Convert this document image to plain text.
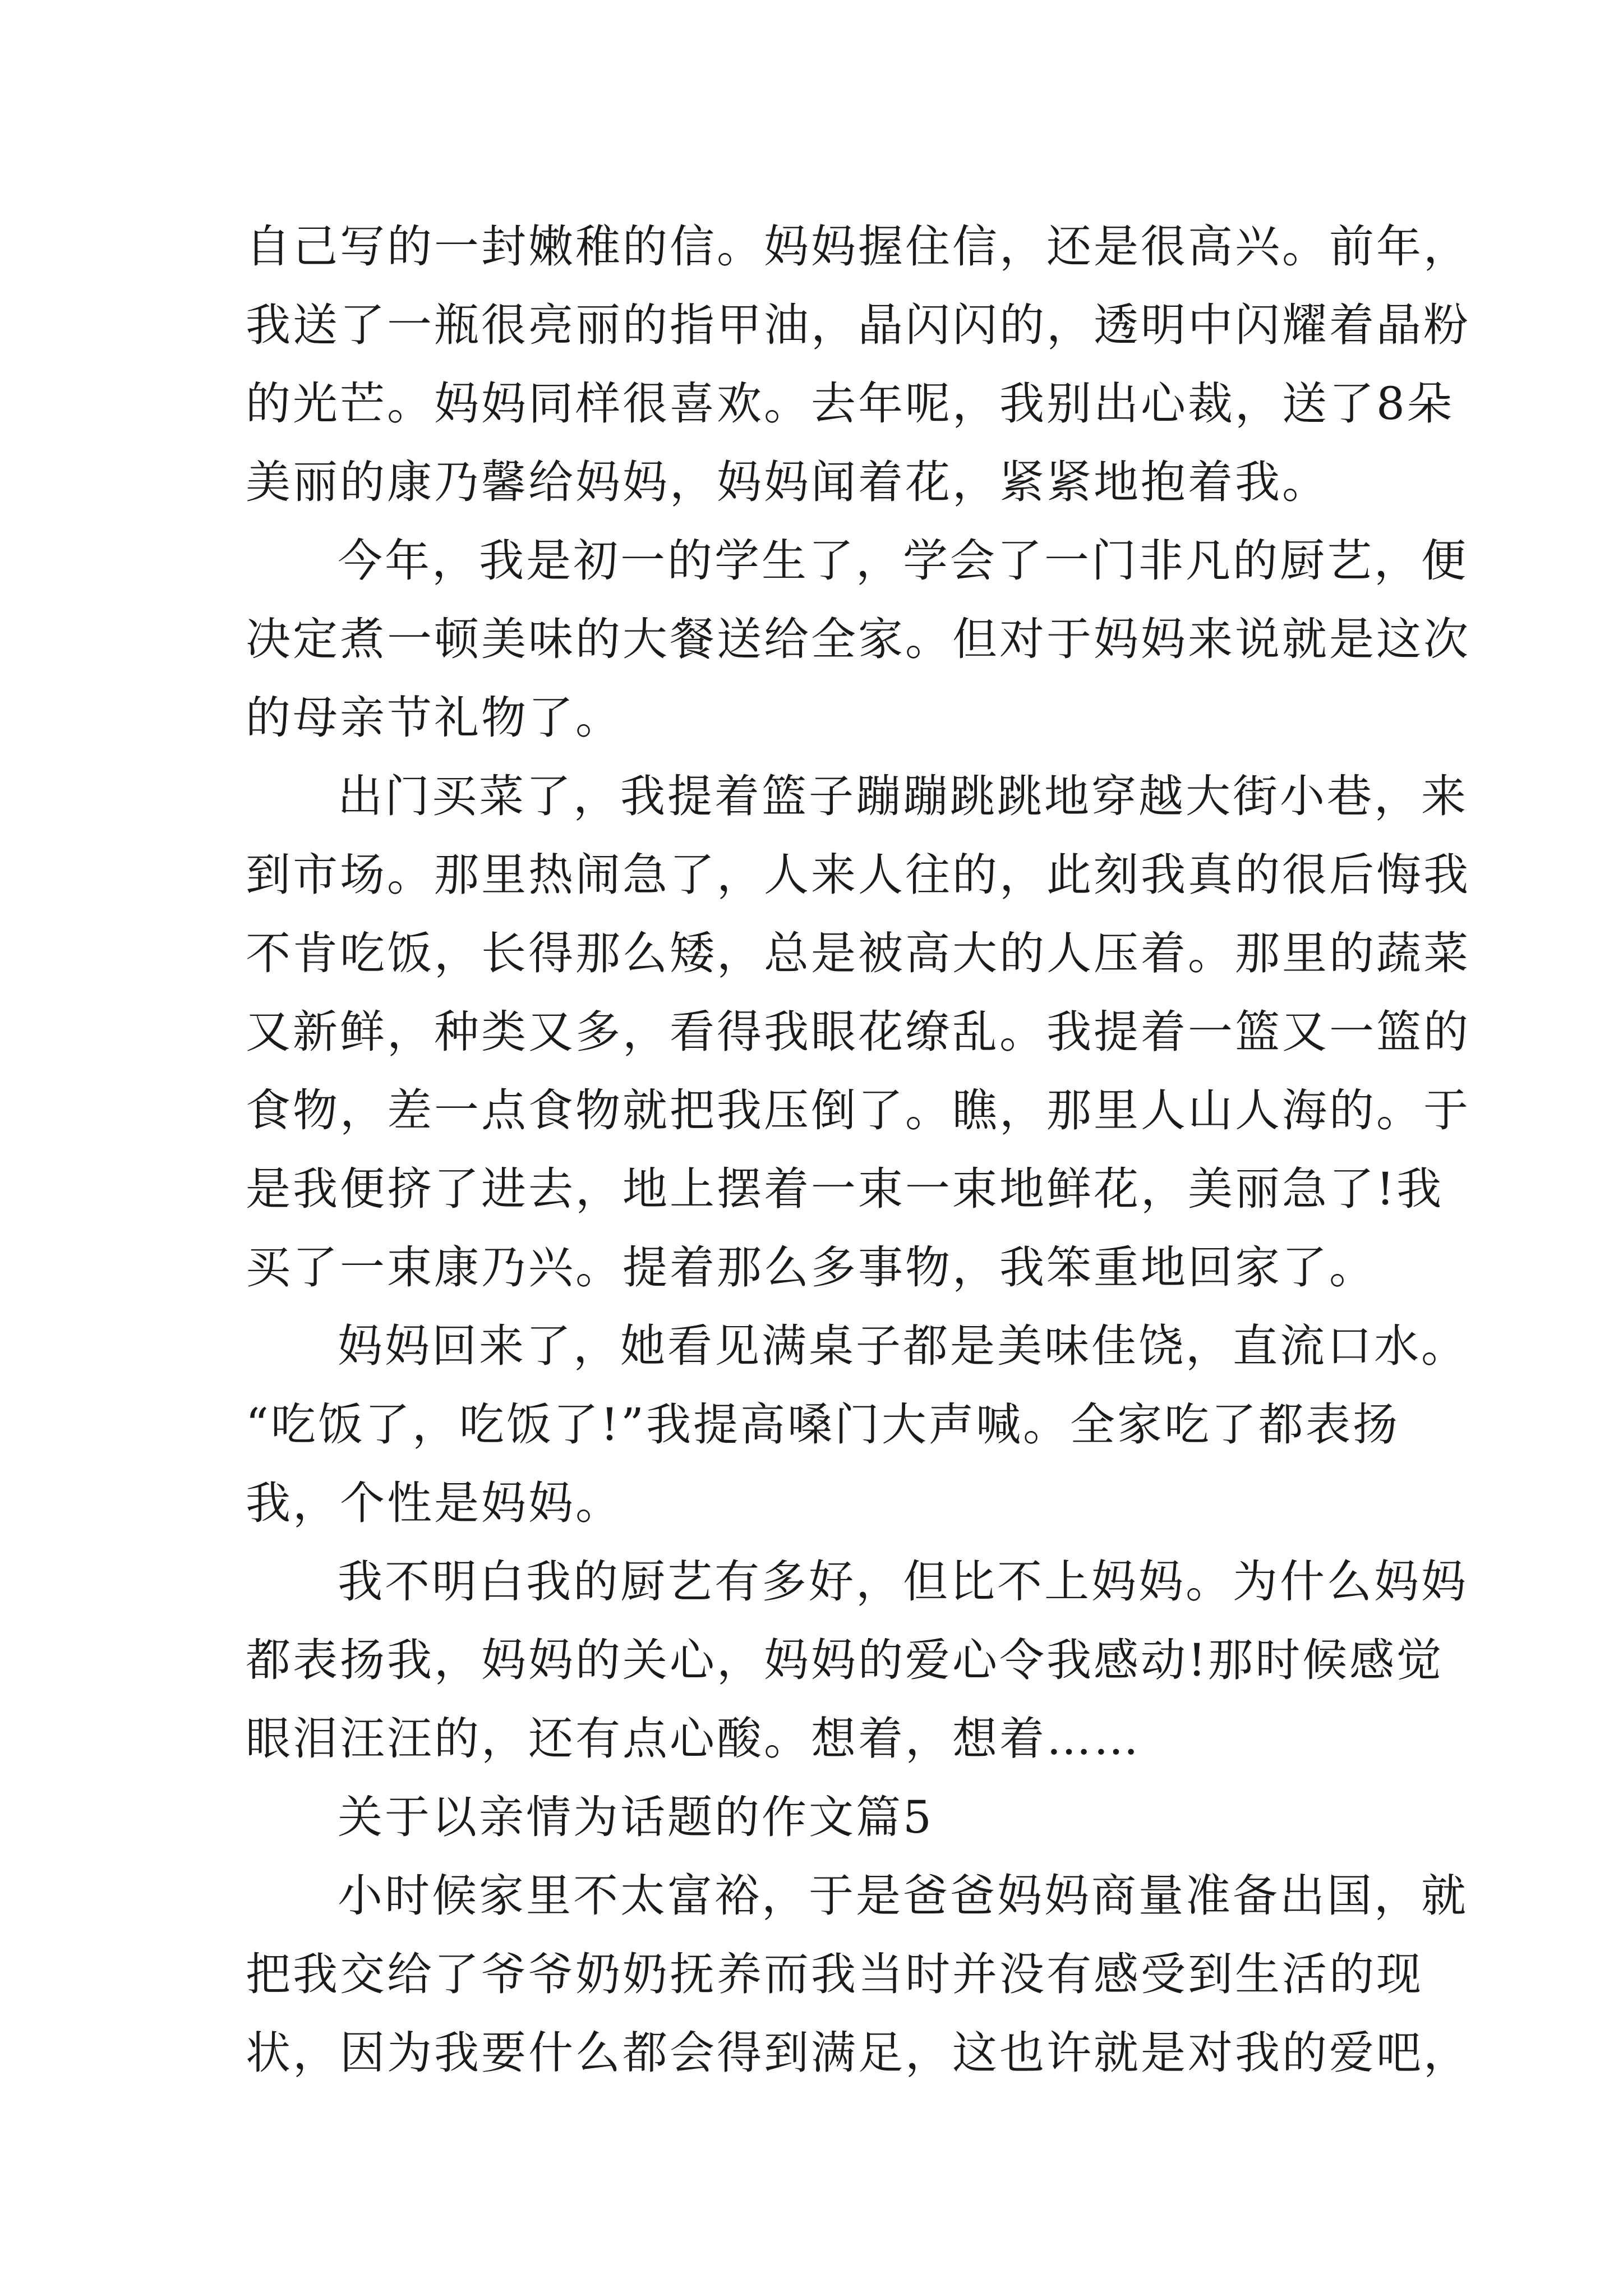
自己写的一封嫩稚的信。妈妈握住信，还是很高兴。前年，
我送了一瓶很亮丽的指甲油，晶闪闪的，透明中闪耀着晶粉
的光芒。妈妈同样很喜欢。去年呢，我别出心裁，送了8朵
美丽的康乃馨给妈妈，妈妈闻着花，紧紧地抱着我。
今年，我是初一的学生了，学会了一门非凡的厨艺，便
决定煮一顿美味的大餐送给全家。但对于妈妈来说就是这次
的母亲节礼物了。
出门买菜了，我提着篮子蹦蹦跳跳地穿越大街小巷，来
到市场。那里热闹急了，人来人往的，此刻我真的很后悔我
不肯吃饭，长得那么矮，总是被高大的人压着。那里的蔬菜
又新鲜，种类又多，看得我眼花缭乱。我提着一篮又一篮的
食物，差一点食物就把我压倒了。瞧，那里人山人海的。于
是我便挤了进去，地上摆着一束一束地鲜花，美丽急了!我
买了一束康乃兴。提着那么多事物，我笨重地回家了。
妈妈回来了，她看见满桌子都是美味佳饶，直流口水。
“吃饭了，吃饭了!”我提高嗓门大声喊。全家吃了都表扬
我，个性是妈妈。
我不明白我的厨艺有多好，但比不上妈妈。为什么妈妈
都表扬我，妈妈的关心，妈妈的爱心令我感动!那时候感觉
眼泪汪汪的，还有点心酸。想着，想着……
关于以亲情为话题的作文篇5
小时候家里不太富裕，于是爸爸妈妈商量准备出国，就
把我交给了爷爷奶奶抚养而我当时并没有感受到生活的现
状，因为我要什么都会得到满足，这也许就是对我的爱吧，
